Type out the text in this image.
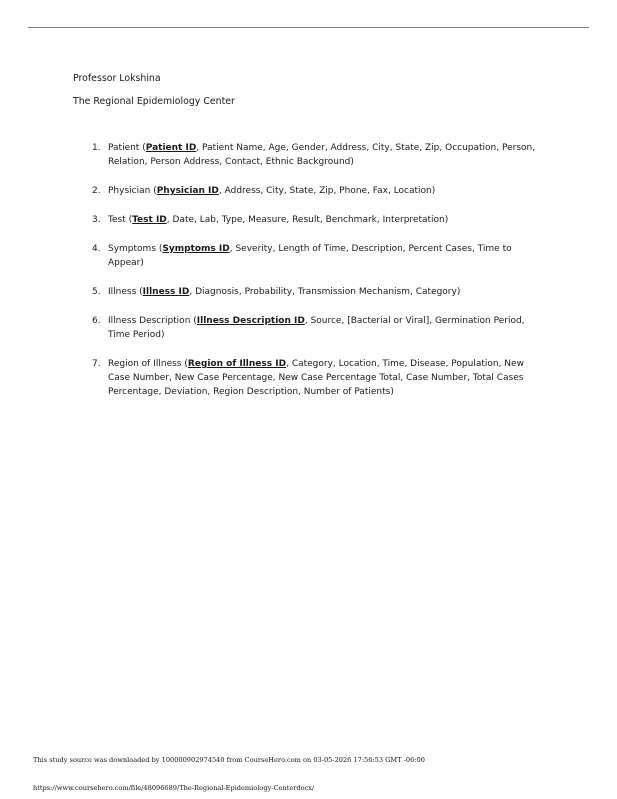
Professor Lokshina
The Regional Epidemiology Center
1. Patient (Patient ID, Patient Name, Age, Gender, Address, City, State, Zip, Occupation, Person, Relation, Person Address, Contact, Ethnic Background)
2. Physician (Physician ID, Address, City, State, Zip, Phone, Fax, Location)
3. Test (Test ID, Date, Lab, Type, Measure, Result, Benchmark, Interpretation)
4. Symptoms (Symptoms ID, Severity, Length of Time, Description, Percent Cases, Time to Appear)
5. Illness (Illness ID, Diagnosis, Probability, Transmission Mechanism, Category)
6. Illness Description (Illness Description ID, Source, [Bacterial or Viral], Germination Period, Time Period)
7. Region of Illness (Region of Illness ID, Category, Location, Time, Disease, Population, New Case Number, New Case Percentage, New Case Percentage Total, Case Number, Total Cases Percentage, Deviation, Region Description, Number of Patients)
This study source was downloaded by 100000902974540 from CourseHero.com on 03-05-2026 17:56:53 GMT -06:00
https://www.coursehero.com/file/48096689/The-Regional-Epidemiology-Centerdocx/
